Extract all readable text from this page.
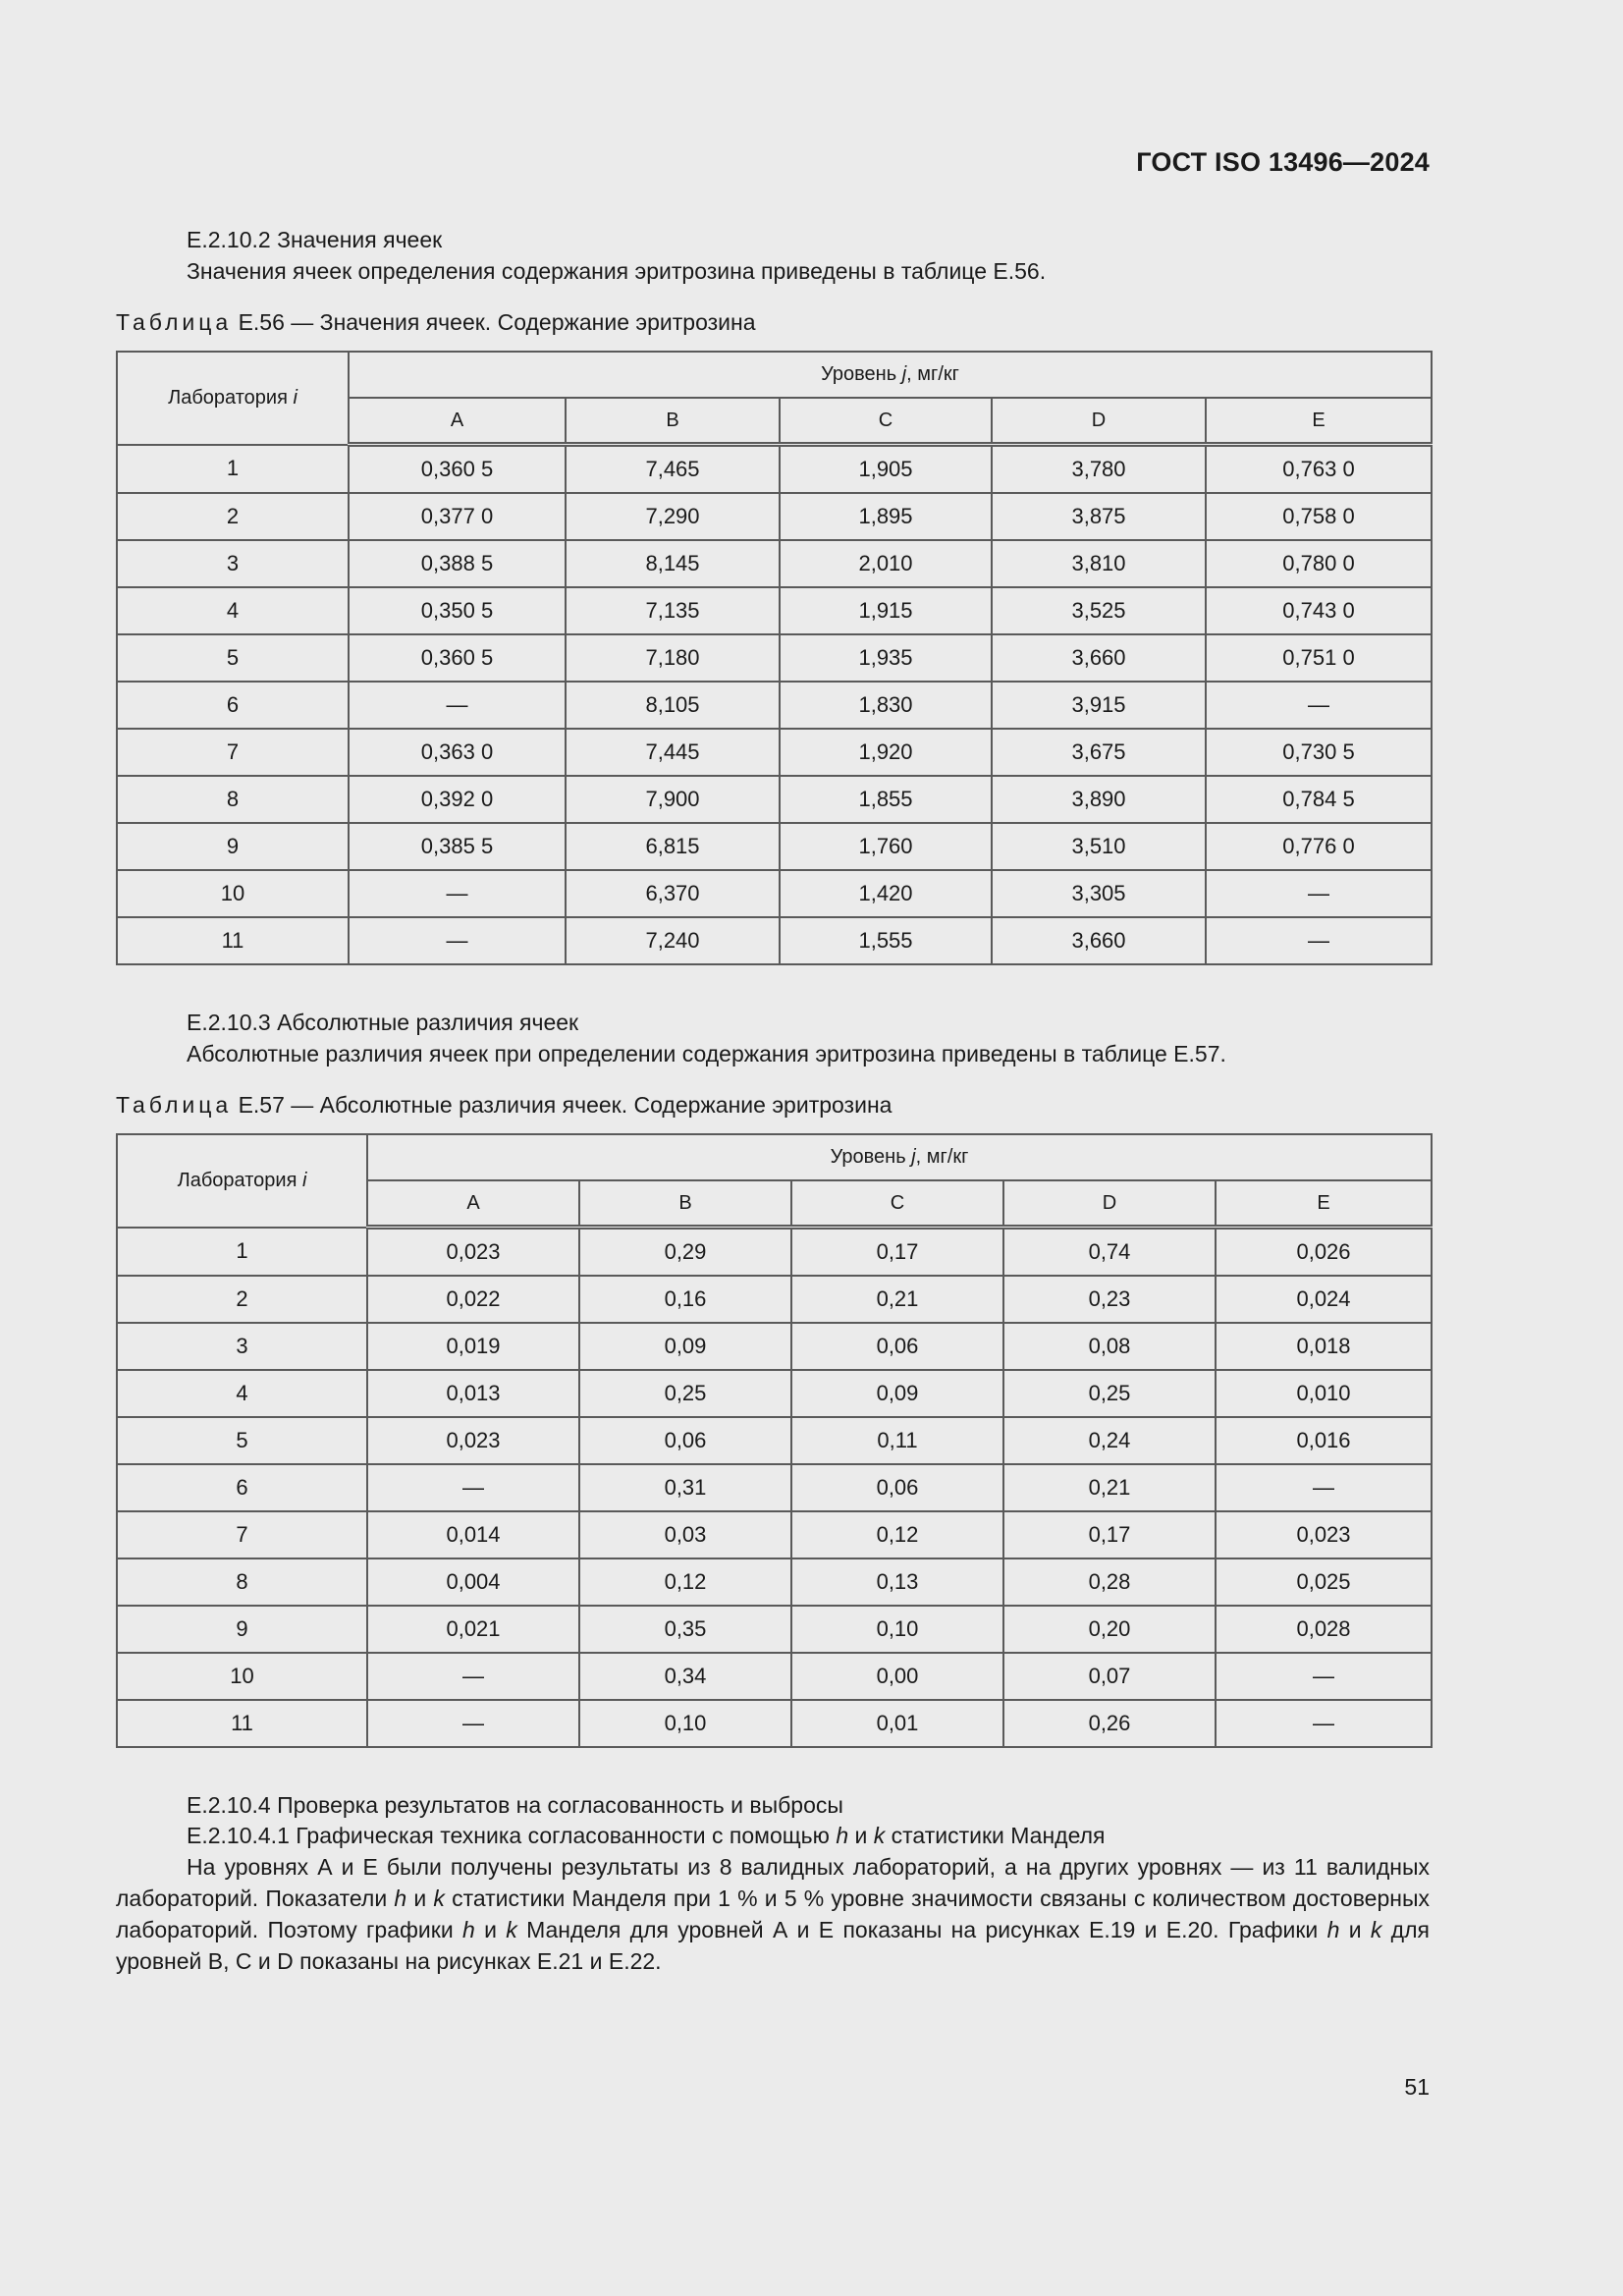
ГОСТ ISO 13496—2024
Е.2.10.2 Значения ячеек
Значения ячеек определения содержания эритрозина приведены в таблице Е.56.
Таблица Е.56 — Значения ячеек. Содержание эритрозина
Лаборатория i	Уровень j, мг/кг				
	A	B	C	D	E
1	0,360 5	7,465	1,905	3,780	0,763 0
2	0,377 0	7,290	1,895	3,875	0,758 0
3	0,388 5	8,145	2,010	3,810	0,780 0
4	0,350 5	7,135	1,915	3,525	0,743 0
5	0,360 5	7,180	1,935	3,660	0,751 0
6	—	8,105	1,830	3,915	—
7	0,363 0	7,445	1,920	3,675	0,730 5
8	0,392 0	7,900	1,855	3,890	0,784 5
9	0,385 5	6,815	1,760	3,510	0,776 0
10	—	6,370	1,420	3,305	—
11	—	7,240	1,555	3,660	—
Е.2.10.3 Абсолютные различия ячеек
Абсолютные различия ячеек при определении содержания эритрозина приведены в таблице Е.57.
Таблица Е.57 — Абсолютные различия ячеек. Содержание эритрозина
Лаборатория i	Уровень j, мг/кг				
	A	B	C	D	E
1	0,023	0,29	0,17	0,74	0,026
2	0,022	0,16	0,21	0,23	0,024
3	0,019	0,09	0,06	0,08	0,018
4	0,013	0,25	0,09	0,25	0,010
5	0,023	0,06	0,11	0,24	0,016
6	—	0,31	0,06	0,21	—
7	0,014	0,03	0,12	0,17	0,023
8	0,004	0,12	0,13	0,28	0,025
9	0,021	0,35	0,10	0,20	0,028
10	—	0,34	0,00	0,07	—
11	—	0,10	0,01	0,26	—
Е.2.10.4 Проверка результатов на согласованность и выбросы
Е.2.10.4.1 Графическая техника согласованности с помощью h и k статистики Манделя
На уровнях А и Е были получены результаты из 8 валидных лабораторий, а на других уровнях — из 11 валидных лабораторий. Показатели h и k статистики Манделя при 1 % и 5 % уровне значимости связаны с количеством достоверных лабораторий. Поэтому графики h и k Манделя для уровней А и Е показаны на рисунках Е.19 и Е.20. Графики h и k для уровней B, C и D показаны на рисунках Е.21 и Е.22.
51
